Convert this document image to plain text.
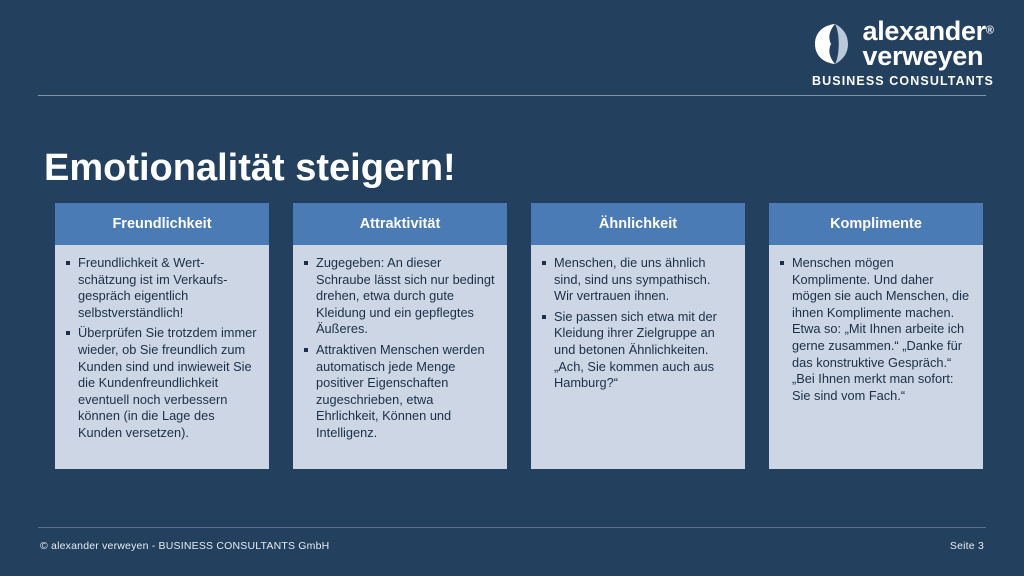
alexander®
verweyen
BUSINESS CONSULTANTS
Emotionalität steigern!
Freundlichkeit
Freundlichkeit & Wert-schätzung ist im Verkaufs-gespräch eigentlich selbstverständlich!
Überprüfen Sie trotzdem immer wieder, ob Sie freundlich zum Kunden sind und inwieweit Sie die Kundenfreundlichkeit eventuell noch verbessern können (in die Lage des Kunden versetzen).
Attraktivität
Zugegeben: An dieser Schraube lässt sich nur bedingt drehen, etwa durch gute Kleidung und ein gepflegtes Äußeres.
Attraktiven Menschen werden automatisch jede Menge positiver Eigenschaften zugeschrieben, etwa Ehrlichkeit, Können und Intelligenz.
Ähnlichkeit
Menschen, die uns ähnlich sind, sind uns sympathisch. Wir vertrauen ihnen.
Sie passen sich etwa mit der Kleidung ihrer Zielgruppe an und betonen Ähnlichkeiten. „Ach, Sie kommen auch aus Hamburg?“
Komplimente
Menschen mögen Komplimente. Und daher mögen sie auch Menschen, die ihnen Komplimente machen. Etwa so: „Mit Ihnen arbeite ich gerne zusammen.“ „Danke für das konstruktive Gespräch.“ „Bei Ihnen merkt man sofort: Sie sind vom Fach.“
© alexander verweyen - BUSINESS CONSULTANTS GmbH	Seite 3
